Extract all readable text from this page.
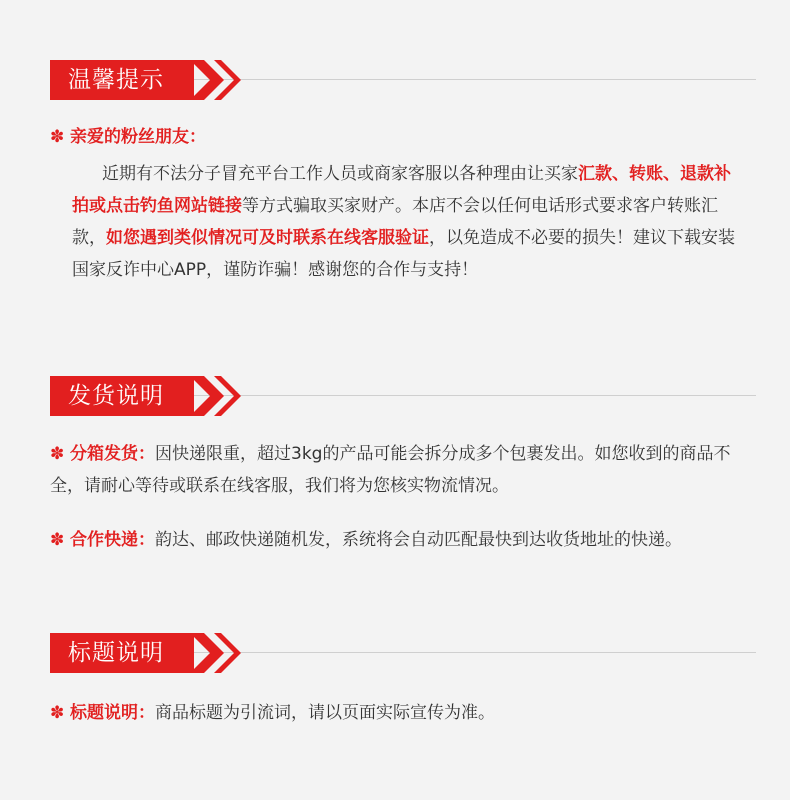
温馨提示
✽ 亲爱的粉丝朋友：
近期有不法分子冒充平台工作人员或商家客服以各种理由让买家汇款、转账、退款补拍或点击钓鱼网站链接等方式骗取买家财产。本店不会以任何电话形式要求客户转账汇款，如您遇到类似情况可及时联系在线客服验证，以免造成不必要的损失！建议下载安装国家反诈中心APP，谨防诈骗！感谢您的合作与支持！
发货说明
✽ 分箱发货：因快递限重，超过3kg的产品可能会拆分成多个包裹发出。如您收到的商品不全，请耐心等待或联系在线客服，我们将为您核实物流情况。
✽ 合作快递：韵达、邮政快递随机发，系统将会自动匹配最快到达收货地址的快递。
标题说明
✽ 标题说明：商品标题为引流词，请以页面实际宣传为准。
